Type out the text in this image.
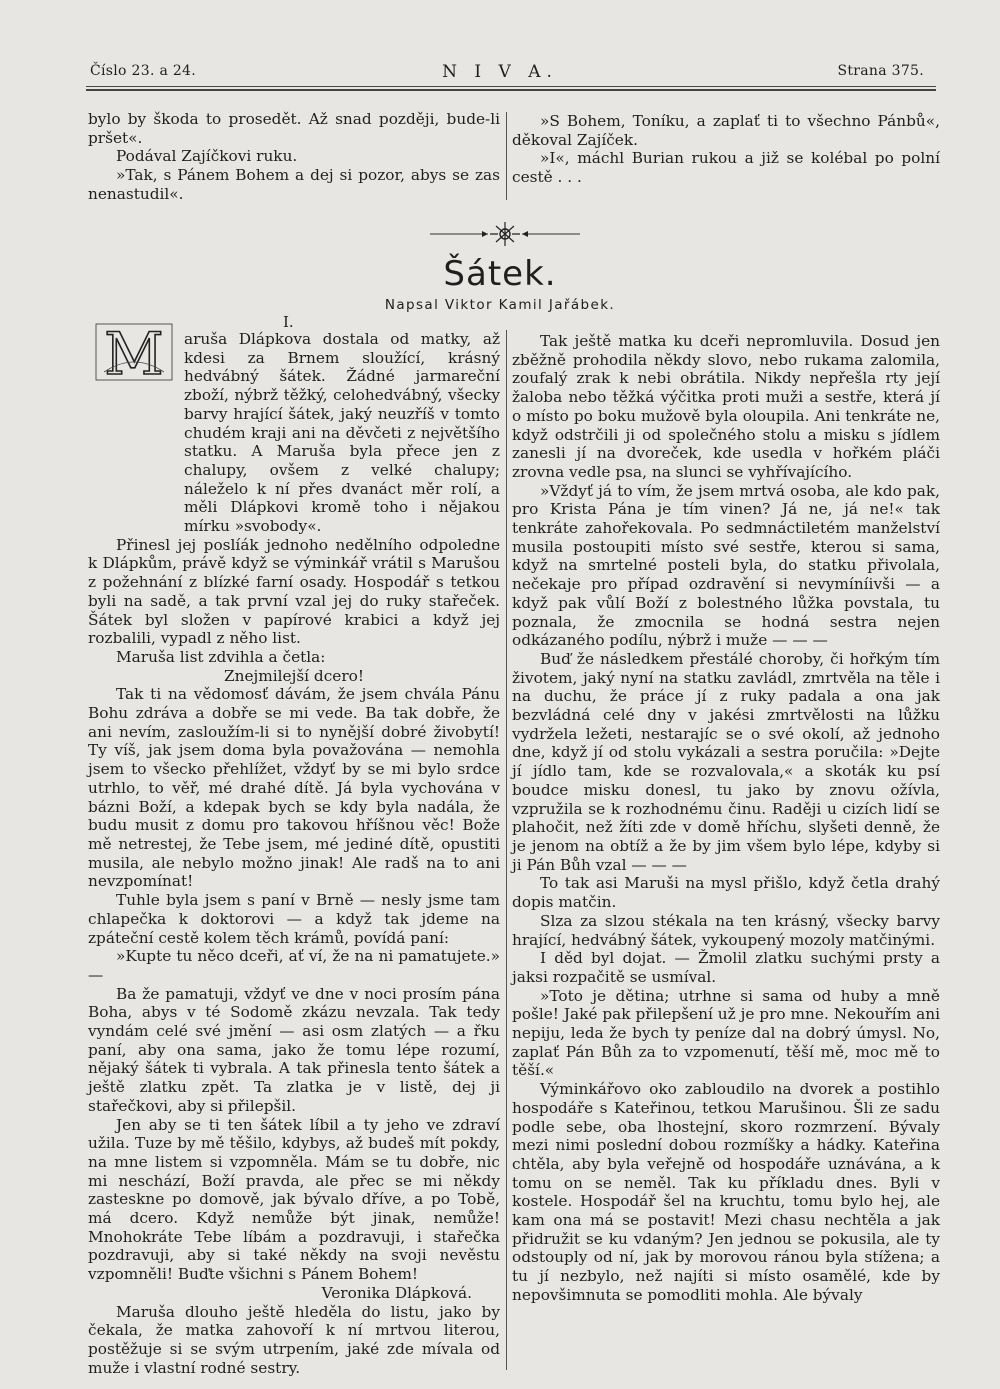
Číslo 23. a 24.	N I V A.	Strana 375.

bylo by škoda to prosedět. Až snad později, bude-li pršet«.

Podával Zajíčkovi ruku.

»Tak, s Pánem Bohem a dej si pozor, abys se zas nenastudil«.

»S Bohem, Toníku, a zaplať ti to všechno Pánbů«, děkoval Zajíček.

»I«, máchl Burian rukou a již se kolébal po polní cestě . . .

Šátek.
Napsal Viktor Kamil Jařábek.
I.
M	aruša Dlápkova dostala od matky, až kdesi za Brnem sloužící, krásný hedvábný šátek. Žádné jarmareční zboží, nýbrž těžký, celohedvábný, všecky barvy hrající šátek, jaký neuzříš v tomto chudém kraji ani na děvčeti z největšího statku. A Maruša byla přece jen z chalupy, ovšem z velké chalupy; náleželo k ní přes dvanáct měr rolí, a měli Dlápkovi kromě toho i nějakou mírku »svobody«.

Přinesl jej poslíák jednoho nedělního odpoledne k Dlápkům, právě když se výminkář vrátil s Marušou z požehnání z blízké farní osady. Hospodář s tetkou byli na sadě, a tak první vzal jej do ruky stařeček. Šátek byl složen v papírové krabici a když jej rozbalili, vypadl z něho list.

Maruša list zdvihla a četla:

Znejmilejší dcero!

Tak ti na vědomosť dávám, že jsem chvála Pánu Bohu zdráva a dobře se mi vede. Ba tak dobře, že ani nevím, zasloužím-li si to nynější dobré živobytí! Ty víš, jak jsem doma byla považována — nemohla jsem to všecko přehlížet, vždyť by se mi bylo srdce utrhlo, to věř, mé drahé dítě. Já byla vychována v bázni Boží, a kdepak bych se kdy byla nadála, že budu musit z domu pro takovou hříšnou věc! Bože mě netrestej, že Tebe jsem, mé jediné dítě, opustiti musila, ale nebylo možno jinak! Ale radš na to ani nevzpomínat!

Tuhle byla jsem s paní v Brně — nesly jsme tam chlapečka k doktorovi — a když tak jdeme na zpáteční cestě kolem těch krámů, povídá paní:

»Kupte tu něco dceři, ať ví, že na ni pamatujete.» —

Ba že pamatuji, vždyť ve dne v noci prosím pána Boha, abys v té Sodomě zkázu nevzala. Tak tedy vyndám celé své jmění — asi osm zlatých — a řku paní, aby ona sama, jako že tomu lépe rozumí, nějaký šátek ti vybrala. A tak přinesla tento šátek a ještě zlatku zpět. Ta zlatka je v listě, dej ji stařečkovi, aby si přilepšil.

Jen aby se ti ten šátek líbil a ty jeho ve zdraví užila. Tuze by mě těšilo, kdybys, až budeš mít pokdy, na mne listem si vzpomněla. Mám se tu dobře, nic mi neschází, Boží pravda, ale přec se mi někdy zasteskne po domově, jak bývalo dříve, a po Tobě, má dcero. Když nemůže být jinak, nemůže! Mnohokráte Tebe líbám a pozdravuji, i stařečka pozdravuji, aby si také někdy na svoji nevěstu vzpomněli! Buďte všichni s Pánem Bohem!

Veronika Dlápková.

Maruša dlouho ještě hleděla do listu, jako by čekala, že matka zahovoří k ní mrtvou literou, postěžuje si se svým utrpením, jaké zde mívala od muže i vlastní rodné sestry.

Tak ještě matka ku dceři nepromluvila. Dosud jen zběžně prohodila někdy slovo, nebo rukama zalomila, zoufalý zrak k nebi obrátila. Nikdy nepřešla rty její žaloba nebo těžká výčitka proti muži a sestře, která jí o místo po boku mužově byla oloupila. Ani tenkráte ne, když odstrčili ji od společného stolu a misku s jídlem zanesli jí na dvoreček, kde usedla v hořkém pláči zrovna vedle psa, na slunci se vyhřívajícího.

»Vždyť já to vím, že jsem mrtvá osoba, ale kdo pak, pro Krista Pána je tím vinen? Já ne, já ne!« tak tenkráte zahořekovala. Po sedmnáctiletém manželství musila postoupiti místo své sestře, kterou si sama, když na smrtelné posteli byla, do statku přivolala, nečekaje pro případ ozdravění si nevymíníivši — a když pak vůlí Boží z bolestného lůžka povstala, tu poznala, že zmocnila se hodná sestra nejen odkázaného podílu, nýbrž i muže — — —

Buď že následkem přestálé choroby, či hořkým tím životem, jaký nyní na statku zavládl, zmrtvěla na těle i na duchu, že práce jí z ruky padala a ona jak bezvládná celé dny v jakési zmrtvělosti na lůžku vydržela ležeti, nestarajíc se o své okolí, až jednoho dne, když jí od stolu vykázali a sestra poručila: »Dejte jí jídlo tam, kde se rozvalovala,« a skoták ku psí boudce misku donesl, tu jako by znovu ožívla, vzpružila se k rozhodnému činu. Raději u cizích lidí se plahočit, než žíti zde v domě hříchu, slyšeti denně, že je jenom na obtíž a že by jim všem bylo lépe, kdyby si ji Pán Bůh vzal — — —

To tak asi Maruši na mysl přišlo, když četla drahý dopis matčin.

Slza za slzou stékala na ten krásný, všecky barvy hrající, hedvábný šátek, vykoupený mozoly matčinými.

I děd byl dojat. — Žmolil zlatku suchými prsty a jaksi rozpačitě se usmíval.

»Toto je dětina; utrhne si sama od huby a mně pošle! Jaké pak přilepšení už je pro mne. Nekouřím ani nepiju, leda že bych ty peníze dal na dobrý úmysl. No, zaplať Pán Bůh za to vzpomenutí, těší mě, moc mě to těší.«

Výminkářovo oko zabloudilo na dvorek a postihlo hospodáře s Kateřinou, tetkou Marušinou. Šli ze sadu podle sebe, oba lhostejní, skoro rozmrzení. Bývaly mezi nimi poslední dobou rozmíšky a hádky. Kateřina chtěla, aby byla veřejně od hospodáře uznávána, a k tomu on se neměl. Tak ku příkladu dnes. Byli v kostele. Hospodář šel na kruchtu, tomu bylo hej, ale kam ona má se postavit! Mezi chasu nechtěla a jak přidružit se ku vdaným? Jen jednou se pokusila, ale ty odstouply od ní, jak by morovou ránou byla stížena; a tu jí nezbylo, než najíti si místo osamělé, kde by nepovšimnuta se pomodliti mohla. Ale bývaly
